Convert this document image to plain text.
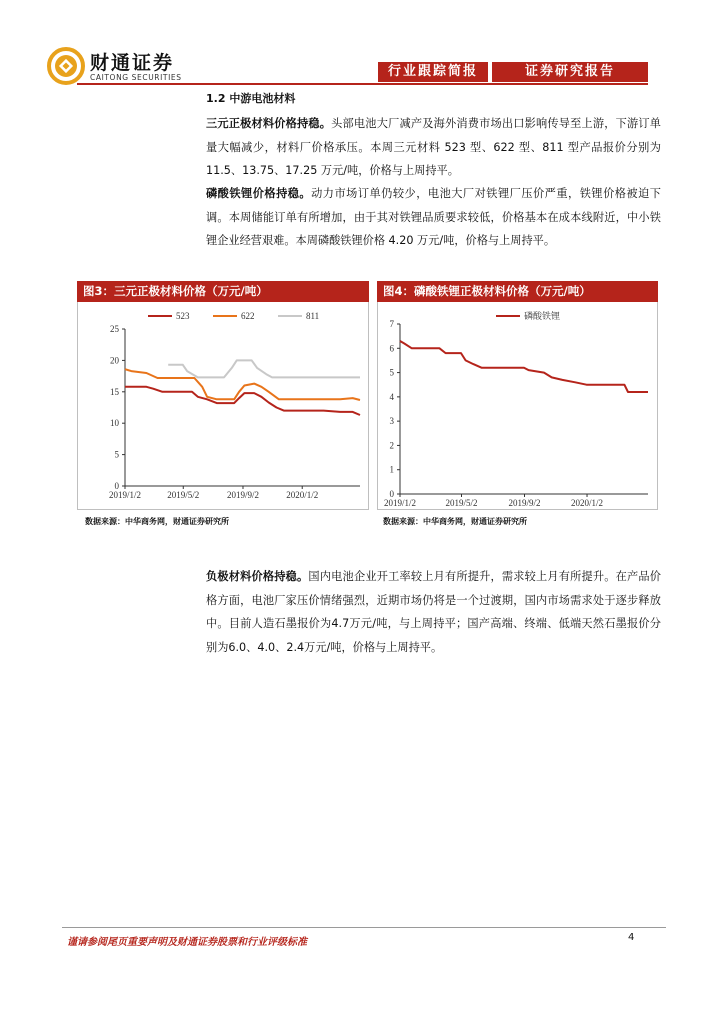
财通证券
CAITONG SECURITIES	行业跟踪简报	证券研究报告
1.2 中游电池材料

三元正极材料价格持稳。头部电池大厂减产及海外消费市场出口影响传导至上游，下游订单量大幅减少，材料厂价格承压。本周三元材料 523 型、622 型、811 型产品报价分别为 11.5、13.75、17.25 万元/吨，价格与上周持平。

磷酸铁锂价格持稳。动力市场订单仍较少，电池大厂对铁锂厂压价严重，铁锂价格被迫下调。本周储能订单有所增加，由于其对铁锂品质要求较低，价格基本在成本线附近，中小铁锂企业经营艰难。本周磷酸铁锂价格 4.20 万元/吨，价格与上周持平。

图3：三元正极材料价格（万元/吨）
0
5
10
15
20
25
2019/1/2	2019/5/2	2019/9/2	2020/1/2
523	622	811
数据来源：中华商务网，财通证券研究所
图4：磷酸铁锂正极材料价格（万元/吨）
0
1
2
3
4
5
6
7
2019/1/2	2019/5/2	2019/9/2	2020/1/2
磷酸铁锂
数据来源：中华商务网，财通证券研究所

负极材料价格持稳。国内电池企业开工率较上月有所提升，需求较上月有所提升。在产品价格方面，电池厂家压价情绪强烈，近期市场仍将是一个过渡期，国内市场需求处于逐步释放中。目前人造石墨报价为4.7万元/吨，与上周持平；国产高端、终端、低端天然石墨报价分别为6.0、4.0、2.4万元/吨，价格与上周持平。

谨请参阅尾页重要声明及财通证券股票和行业评级标准	4
